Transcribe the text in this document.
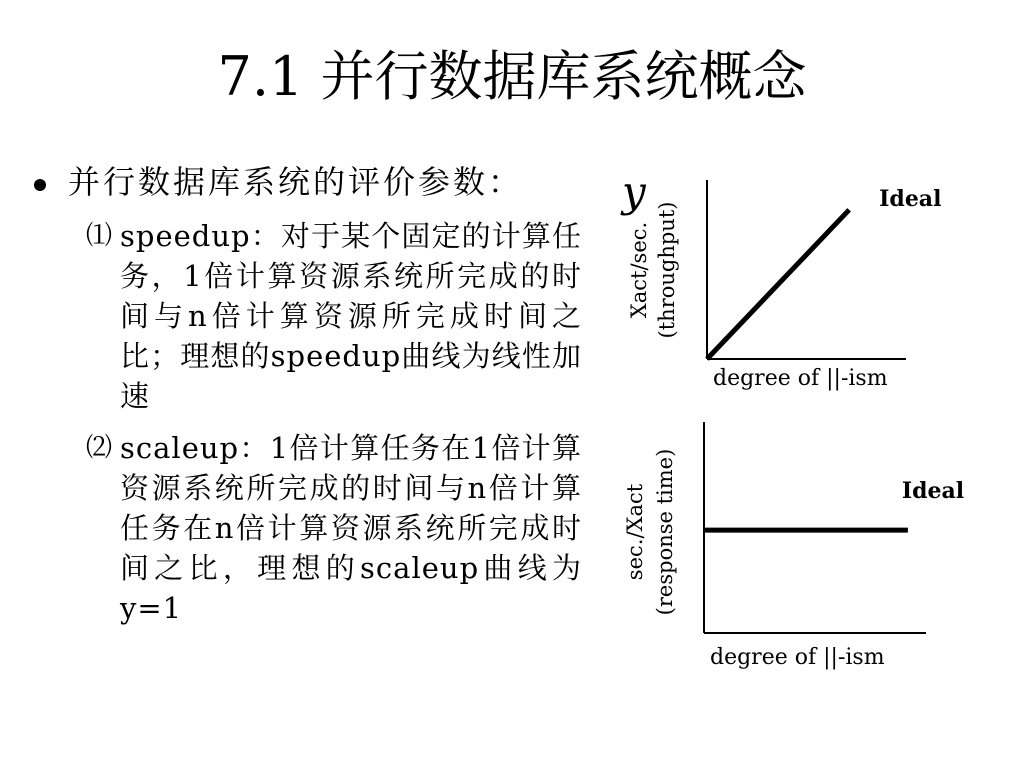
7.1 并行数据库系统概念
并行数据库系统的评价参数：
⑴ speedup：对于某个固定的计算任务，1倍计算资源系统所完成的时间与n倍计算资源所完成时间之比；理想的speedup曲线为线性加速
⑵ scaleup：1倍计算任务在1倍计算资源系统所完成的时间与n倍计算任务在n倍计算资源系统所完成时间之比，理想的scaleup曲线为y=1
y
Xact/sec. (throughput)
Ideal
degree of ||-ism
sec./Xact (response time)	Ideal
degree of ||-ism
